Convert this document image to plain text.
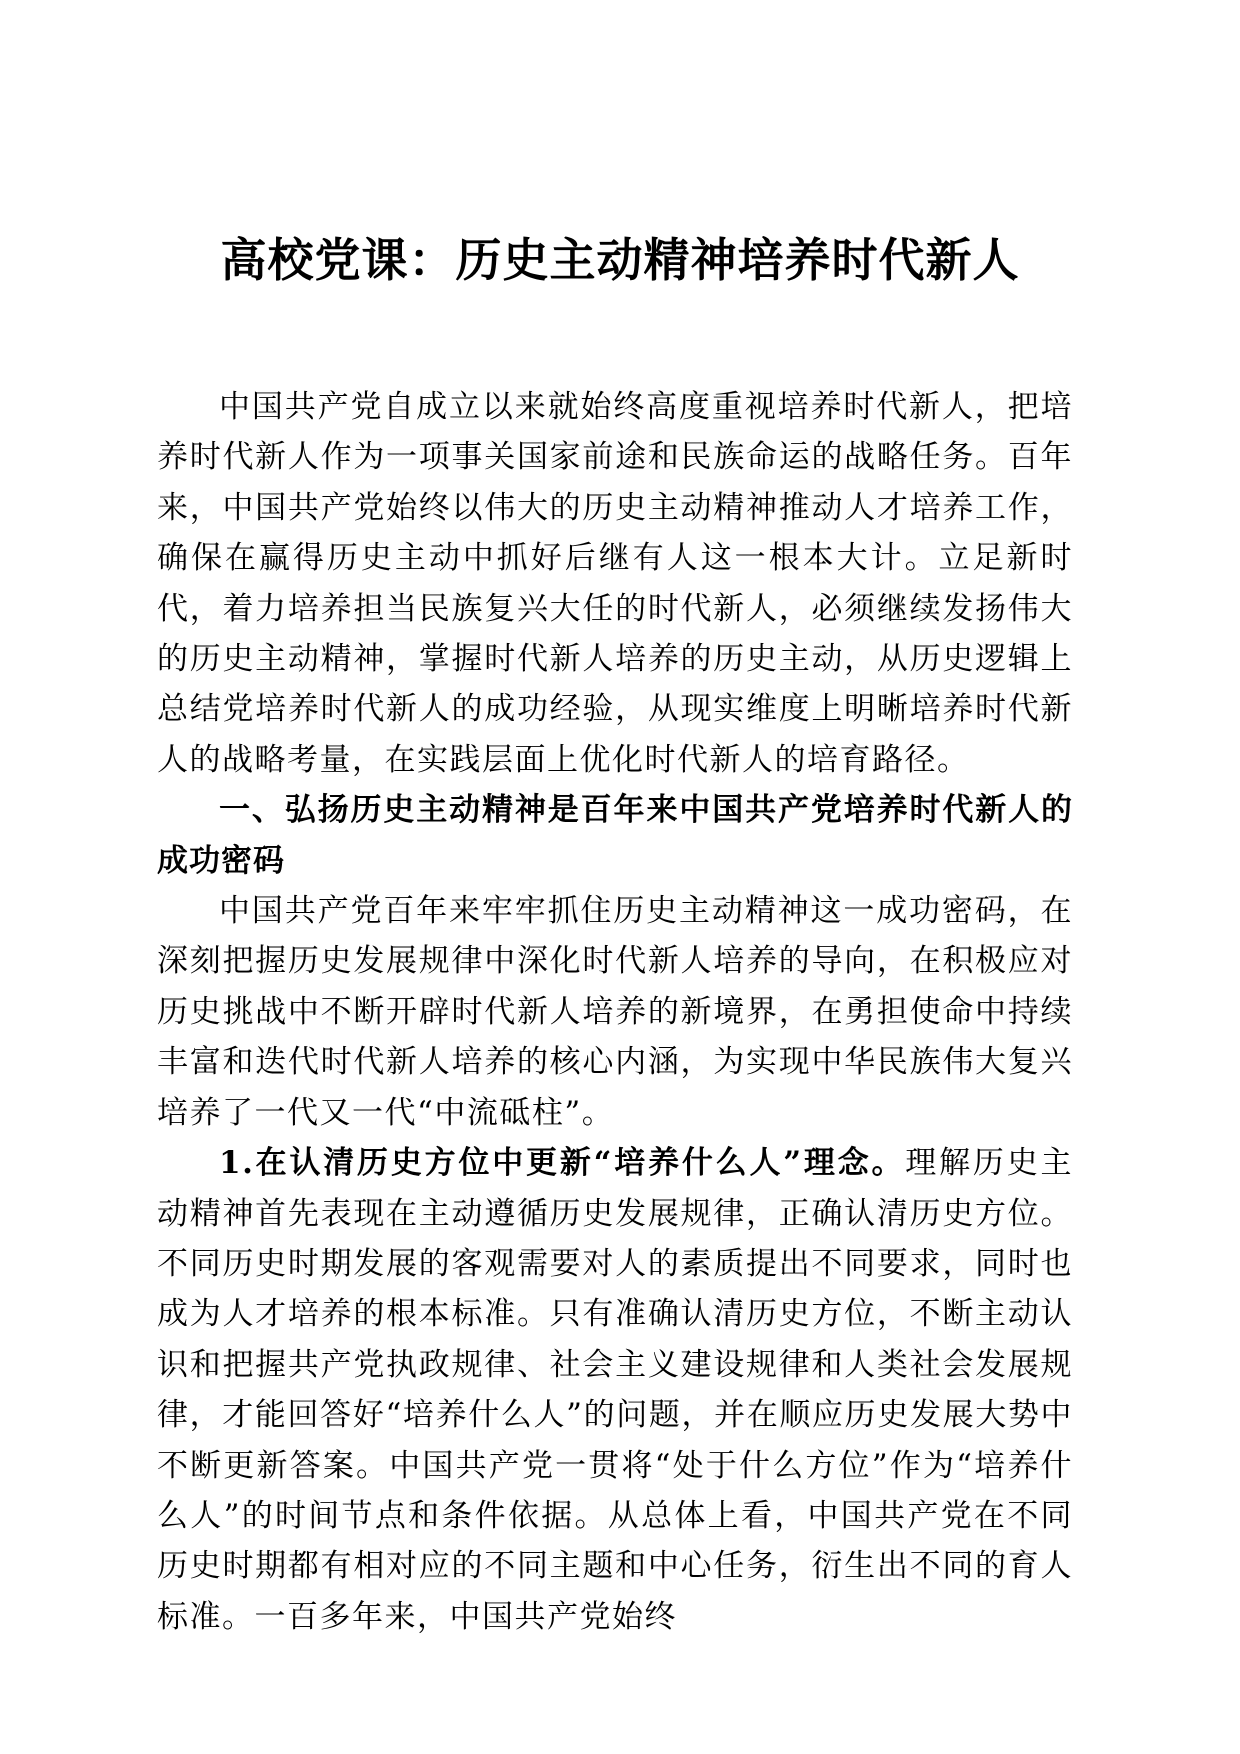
高校党课：历史主动精神培养时代新人

中国共产党自成立以来就始终高度重视培养时代新人，把培养时代新人作为一项事关国家前途和民族命运的战略任务。百年来，中国共产党始终以伟大的历史主动精神推动人才培养工作，确保在赢得历史主动中抓好后继有人这一根本大计。立足新时代，着力培养担当民族复兴大任的时代新人，必须继续发扬伟大的历史主动精神，掌握时代新人培养的历史主动，从历史逻辑上总结党培养时代新人的成功经验，从现实维度上明晰培养时代新人的战略考量，在实践层面上优化时代新人的培育路径。

一、弘扬历史主动精神是百年来中国共产党培养时代新人的成功密码

中国共产党百年来牢牢抓住历史主动精神这一成功密码，在深刻把握历史发展规律中深化时代新人培养的导向，在积极应对历史挑战中不断开辟时代新人培养的新境界，在勇担使命中持续丰富和迭代时代新人培养的核心内涵，为实现中华民族伟大复兴培养了一代又一代“中流砥柱”。

1.在认清历史方位中更新“培养什么人”理念。理解历史主动精神首先表现在主动遵循历史发展规律，正确认清历史方位。不同历史时期发展的客观需要对人的素质提出不同要求，同时也成为人才培养的根本标准。只有准确认清历史方位，不断主动认识和把握共产党执政规律、社会主义建设规律和人类社会发展规律，才能回答好“培养什么人”的问题，并在顺应历史发展大势中不断更新答案。中国共产党一贯将“处于什么方位”作为“培养什么人”的时间节点和条件依据。从总体上看，中国共产党在不同历史时期都有相对应的不同主题和中心任务，衍生出不同的育人标准。一百多年来，中国共产党始终
